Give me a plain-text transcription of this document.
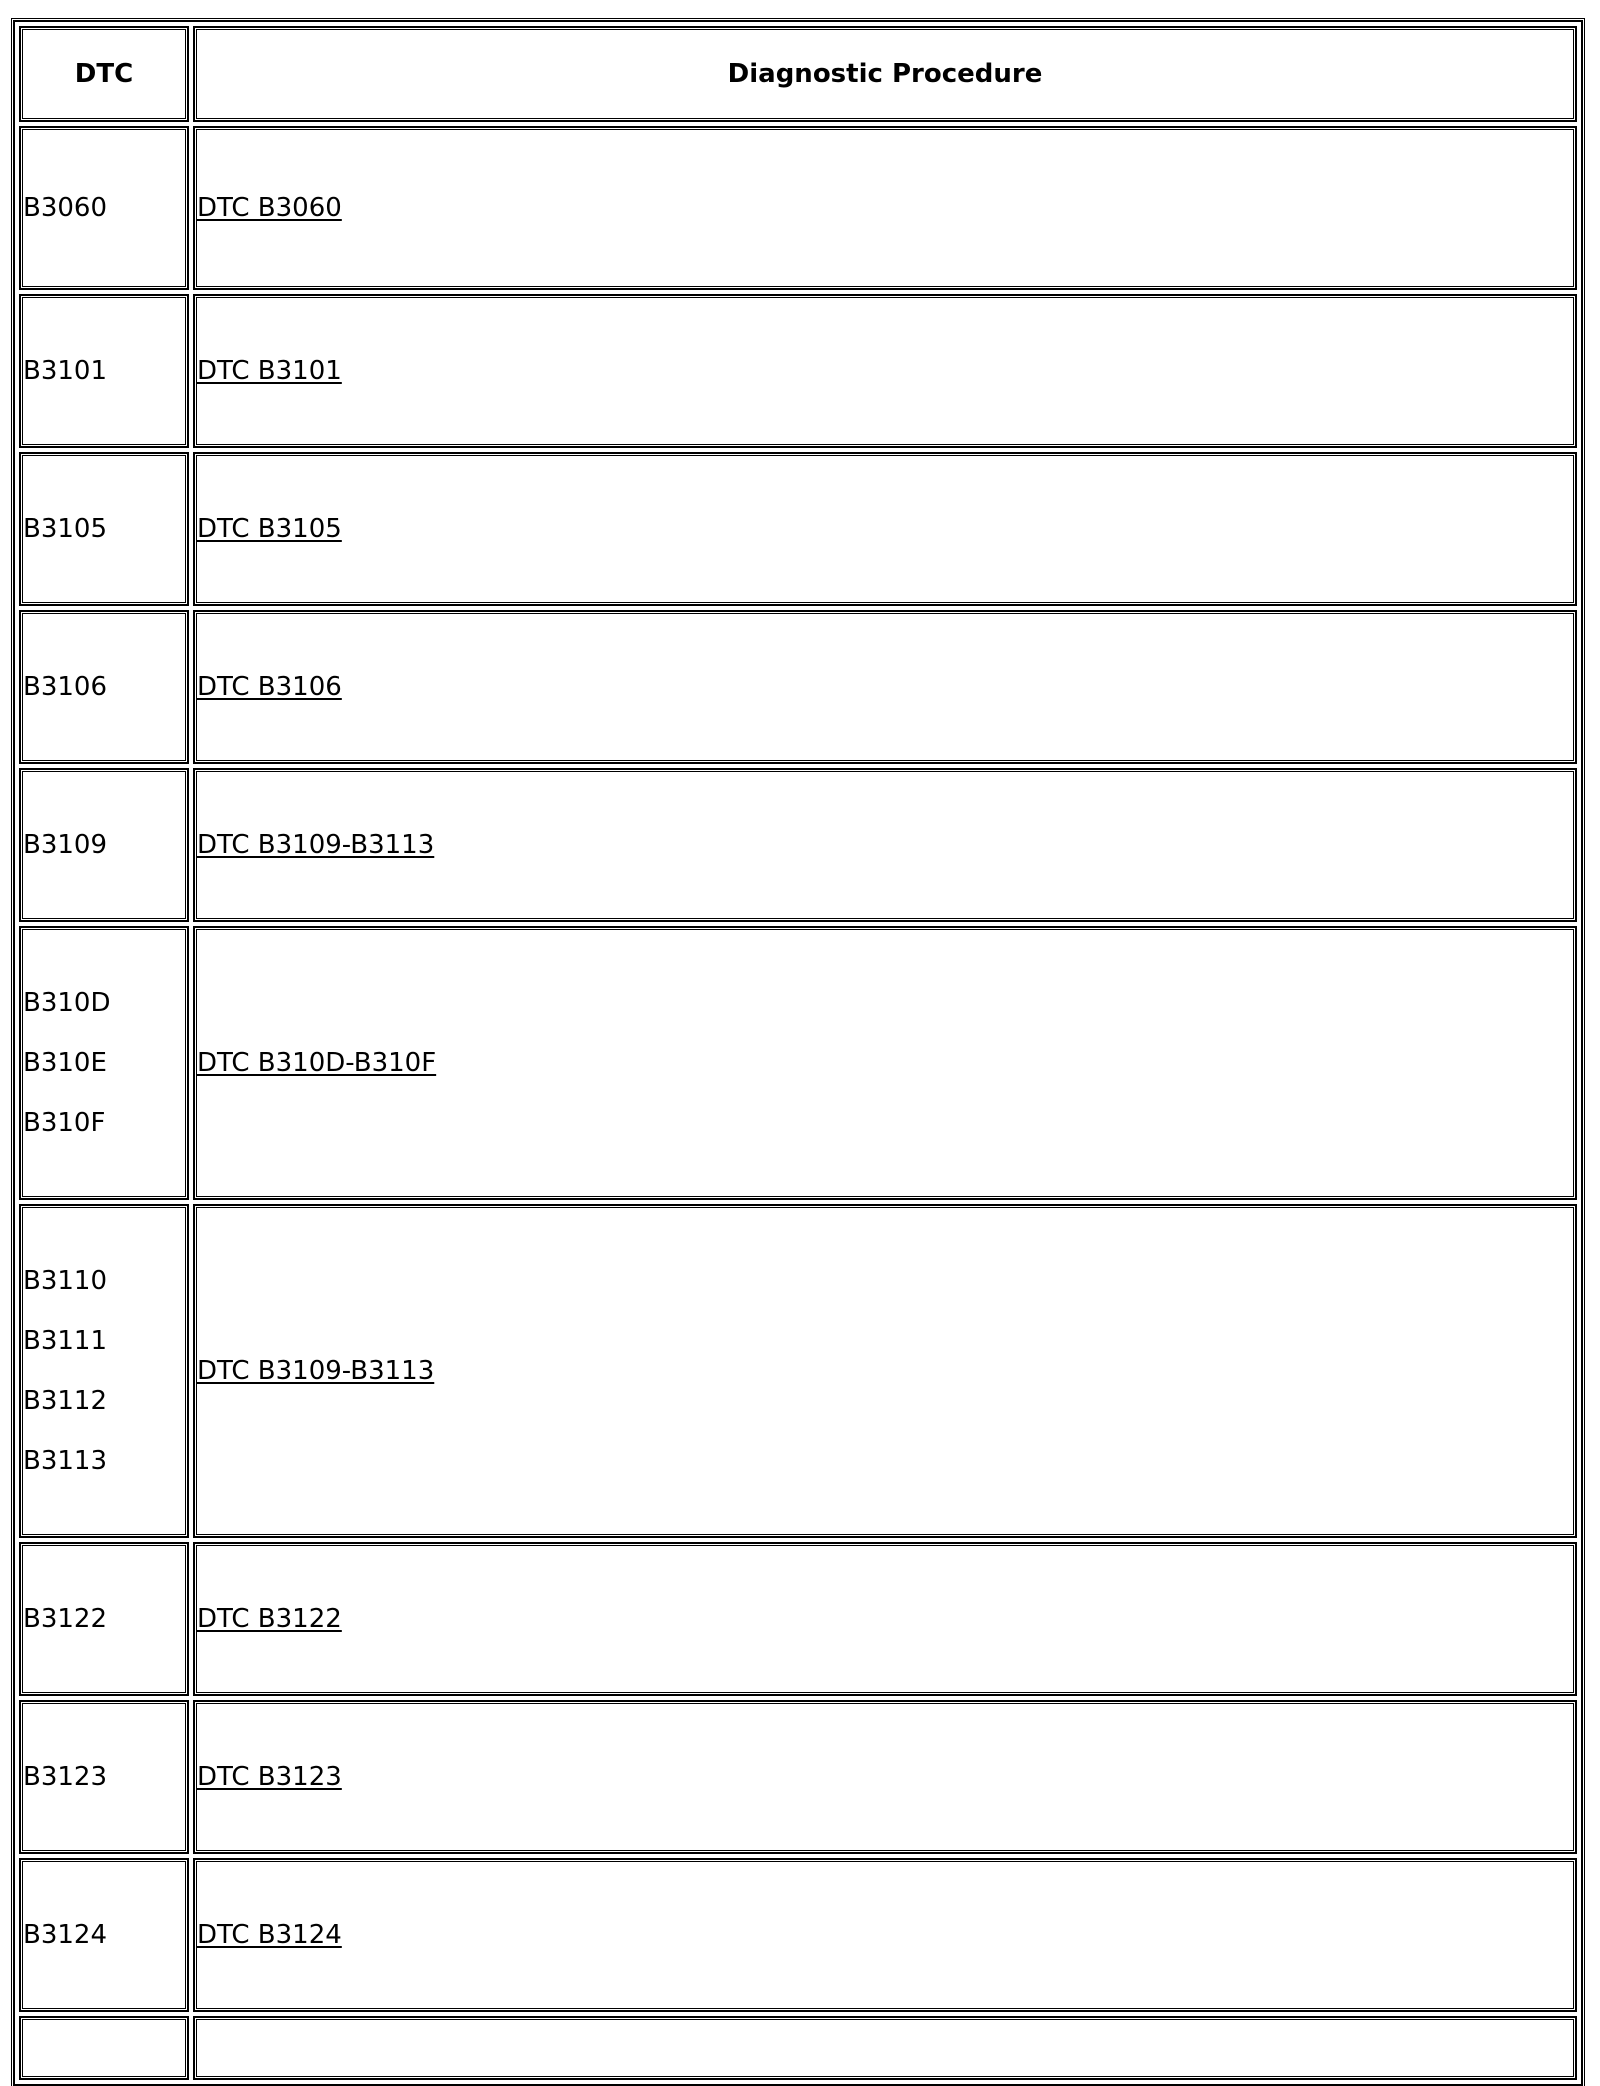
DTC	Diagnostic Procedure

B3060	DTC B3060

B3101	DTC B3101

B3105	DTC B3105

B3106	DTC B3106

B3109	DTC B3109-B3113

B310D
B310E
B310F	DTC B310D-B310F

B3110
B3111
B3112
B3113	DTC B3109-B3113

B3122	DTC B3122

B3123	DTC B3123

B3124	DTC B3124
